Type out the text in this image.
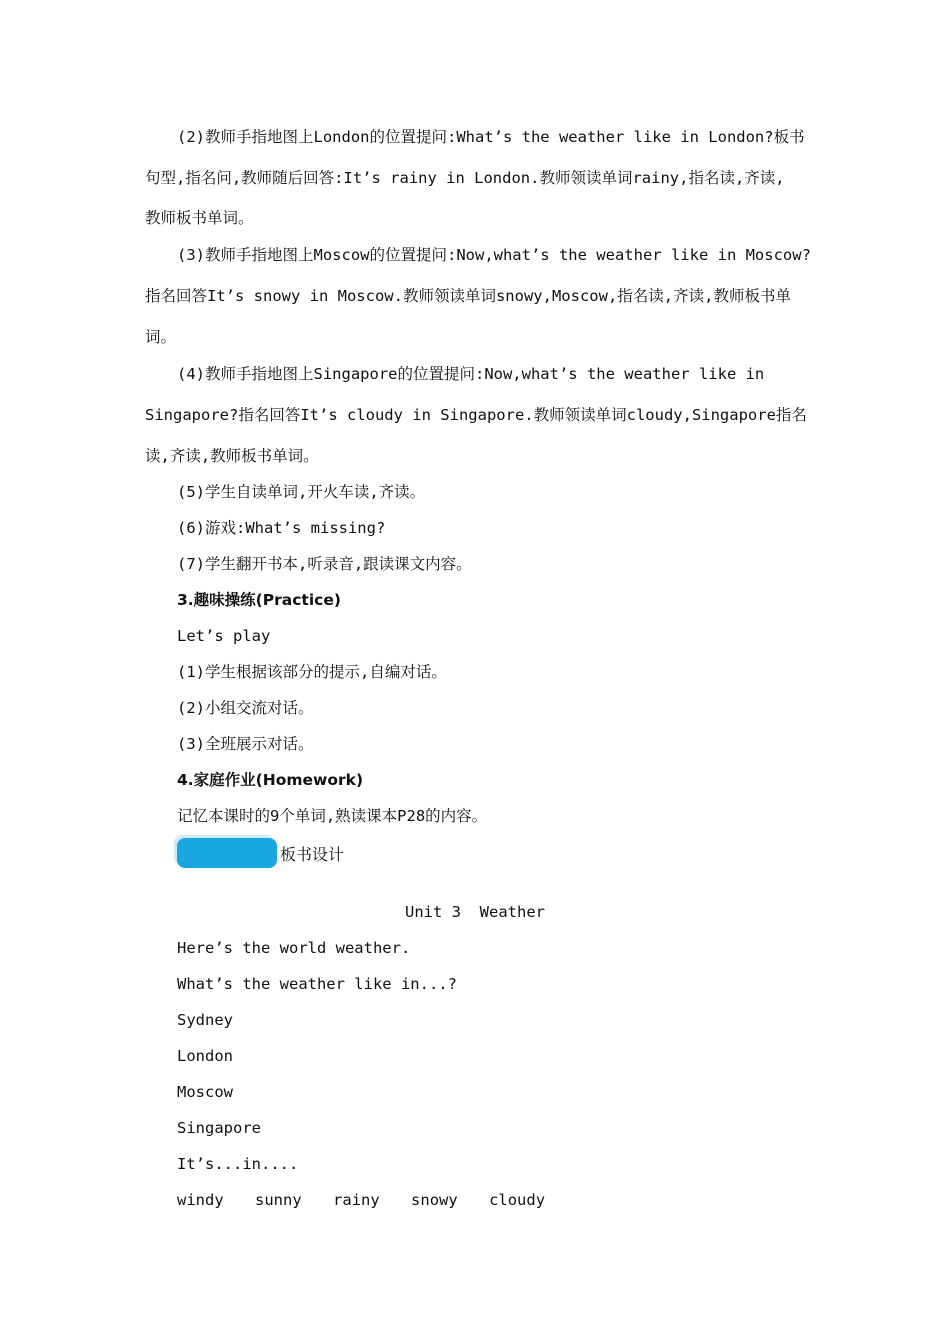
(2)教师手指地图上London的位置提问:What’s the weather like in London?板书
句型,指名问,教师随后回答:It’s rainy in London.教师领读单词rainy,指名读,齐读,
教师板书单词。
(3)教师手指地图上Moscow的位置提问:Now,what’s the weather like in Moscow?
指名回答It’s snowy in Moscow.教师领读单词snowy,Moscow,指名读,齐读,教师板书单
词。
(4)教师手指地图上Singapore的位置提问:Now,what’s the weather like in
Singapore?指名回答It’s cloudy in Singapore.教师领读单词cloudy,Singapore指名
读,齐读,教师板书单词。
(5)学生自读单词,开火车读,齐读。
(6)游戏:What’s missing?
(7)学生翻开书本,听录音,跟读课文内容。
3.趣味操练(Practice)
Let’s play
(1)学生根据该部分的提示,自编对话。
(2)小组交流对话。
(3)全班展示对话。
4.家庭作业(Homework)
记忆本课时的9个单词,熟读课本P28的内容。
板书设计
Unit 3  Weather
Here’s the world weather.
What’s the weather like in...?
Sydney
London
Moscow
Singapore
It’s...in....
windy sunny rainy snowy cloudy
